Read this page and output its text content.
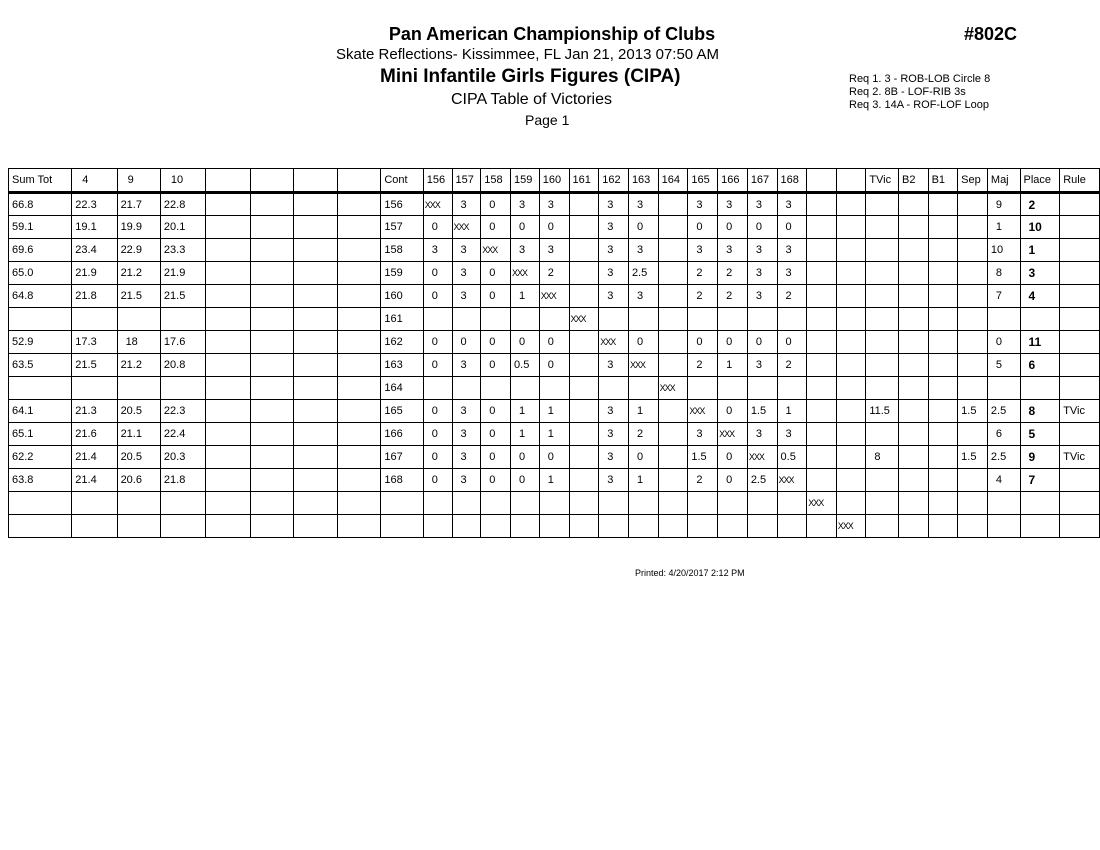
Pan American Championship of Clubs	#802C
Skate Reflections- Kissimmee, FL Jan 21, 2013 07:50 AM
Mini Infantile Girls Figures (CIPA)
CIPA Table of Victories
Page 1
Req 1. 3 - ROB-LOB Circle 8
Req 2. 8B - LOF-RIB 3s
Req 3. 14A - ROF-LOF Loop
Sum Tot	4	9	10					Cont	156	157	158	159	160	161	162	163	164	165	166	167	168			TVic	B2	B1	Sep	Maj	Place	Rule
66.8	22.3	21.7	22.8					156	XXX	3	0	3	3		3	3		3	3	3	3							9	2	
59.1	19.1	19.9	20.1					157	0	XXX	0	0	0		3	0		0	0	0	0							1	10	
69.6	23.4	22.9	23.3					158	3	3	XXX	3	3		3	3		3	3	3	3							10	1	
65.0	21.9	21.2	21.9					159	0	3	0	XXX	2		3	2.5		2	2	3	3							8	3	
64.8	21.8	21.5	21.5					160	0	3	0	1	XXX		3	3		2	2	3	2							7	4	
								161						XXX																
52.9	17.3	18	17.6					162	0	0	0	0	0		XXX	0		0	0	0	0							0	11	
63.5	21.5	21.2	20.8					163	0	3	0	0.5	0		3	XXX		2	1	3	2							5	6	
								164									XXX													
64.1	21.3	20.5	22.3					165	0	3	0	1	1		3	1		XXX	0	1.5	1			11.5			1.5	2.5	8	TVic
65.1	21.6	21.1	22.4					166	0	3	0	1	1		3	2		3	XXX	3	3							6	5	
62.2	21.4	20.5	20.3					167	0	3	0	0	0		3	0		1.5	0	XXX	0.5			8			1.5	2.5	9	TVic
63.8	21.4	20.6	21.8					168	0	3	0	0	1		3	1		2	0	2.5	XXX							4	7	
																						XXX								
																							XXX							
Printed: 4/20/2017 2:12 PM
